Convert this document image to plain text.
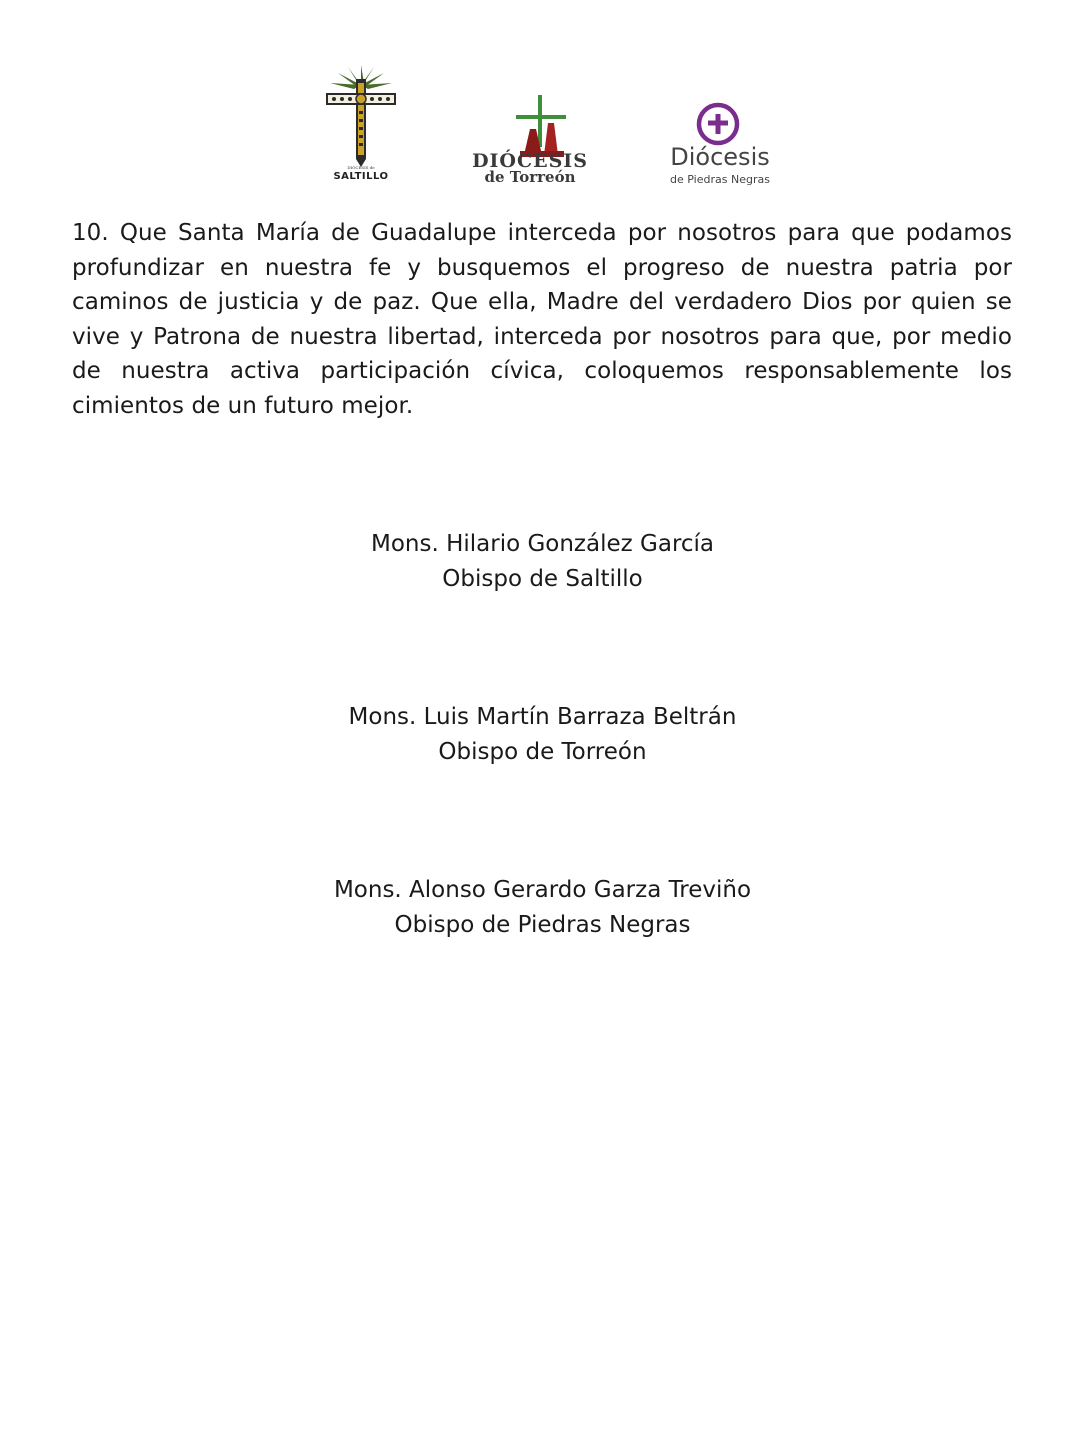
DIÓCESIS de
SALTILLO
DIÓCESIS
de Torreón
Diócesis
de Piedras Negras

10. Que Santa María de Guadalupe interceda por nosotros para que podamos profundizar en nuestra fe y busquemos el progreso de nuestra patria por caminos de justicia y de paz. Que ella, Madre del verdadero Dios por quien se vive y Patrona de nuestra libertad, interceda por nosotros para que, por medio de nuestra activa participación cívica, coloquemos responsablemente los cimientos de un futuro mejor.

Mons. Hilario González García
Obispo de Saltillo
Mons. Luis Martín Barraza Beltrán
Obispo de Torreón
Mons. Alonso Gerardo Garza Treviño
Obispo de Piedras Negras
